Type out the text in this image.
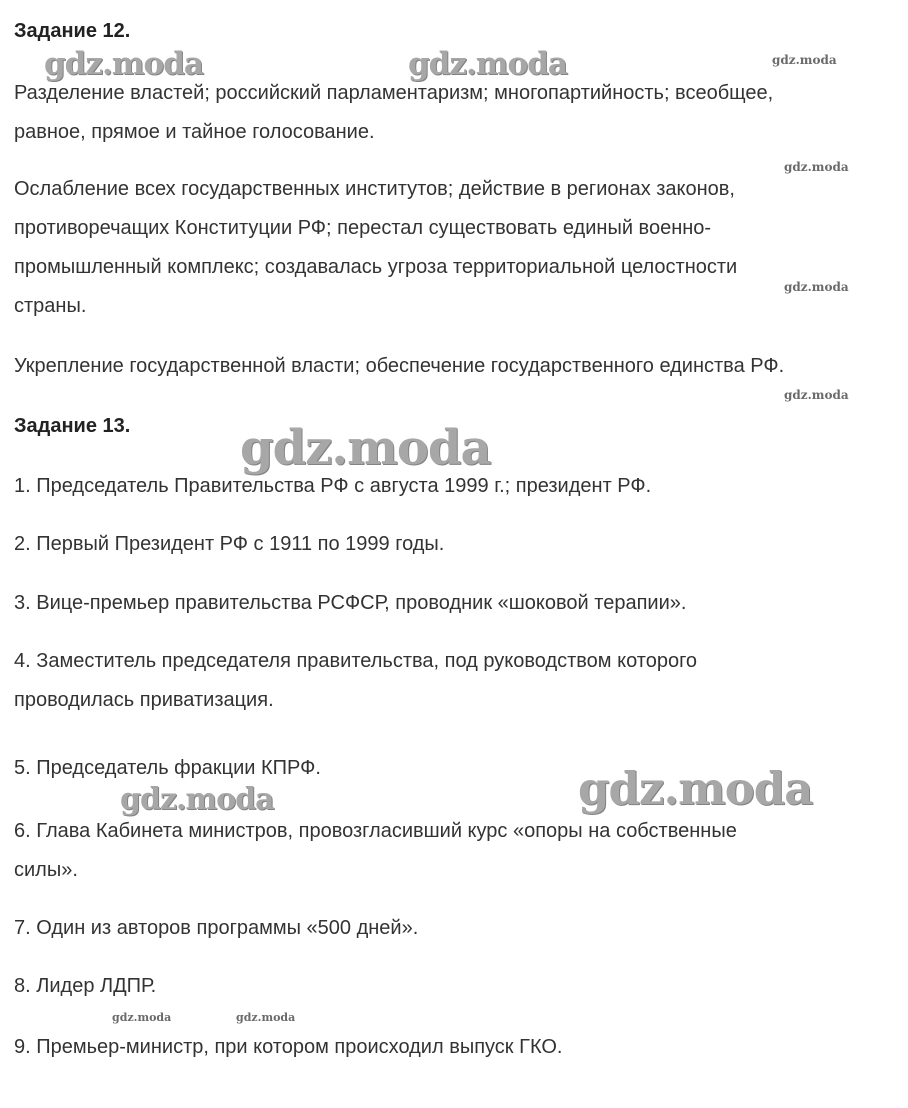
Задание 12.

Разделение властей; российский парламентаризм; многопартийность; всеобщее,
равное, прямое и тайное голосование.

Ослабление всех государственных институтов; действие в регионах законов,
противоречащих Конституции РФ; перестал существовать единый военно-
промышленный комплекс; создавалась угроза территориальной целостности
страны.

Укрепление государственной власти; обеспечение государственного единства РФ.

Задание 13.

1. Председатель Правительства РФ с августа 1999 г.; президент РФ.

2. Первый Президент РФ с 1911 по 1999 годы.

3. Вице-премьер правительства РСФСР, проводник «шоковой терапии».

4. Заместитель председателя правительства, под руководством которого
проводилась приватизация.

5. Председатель фракции КПРФ.

6. Глава Кабинета министров, провозгласивший курс «опоры на собственные
силы».

7. Один из авторов программы «500 дней».

8. Лидер ЛДПР.

9. Премьер-министр, при котором происходил выпуск ГКО.

gdz.moda	gdz.moda	gdz.moda
gdz.moda
gdz.moda
gdz.moda
gdz.moda
gdz.moda
gdz.moda
gdz.moda	gdz.moda
